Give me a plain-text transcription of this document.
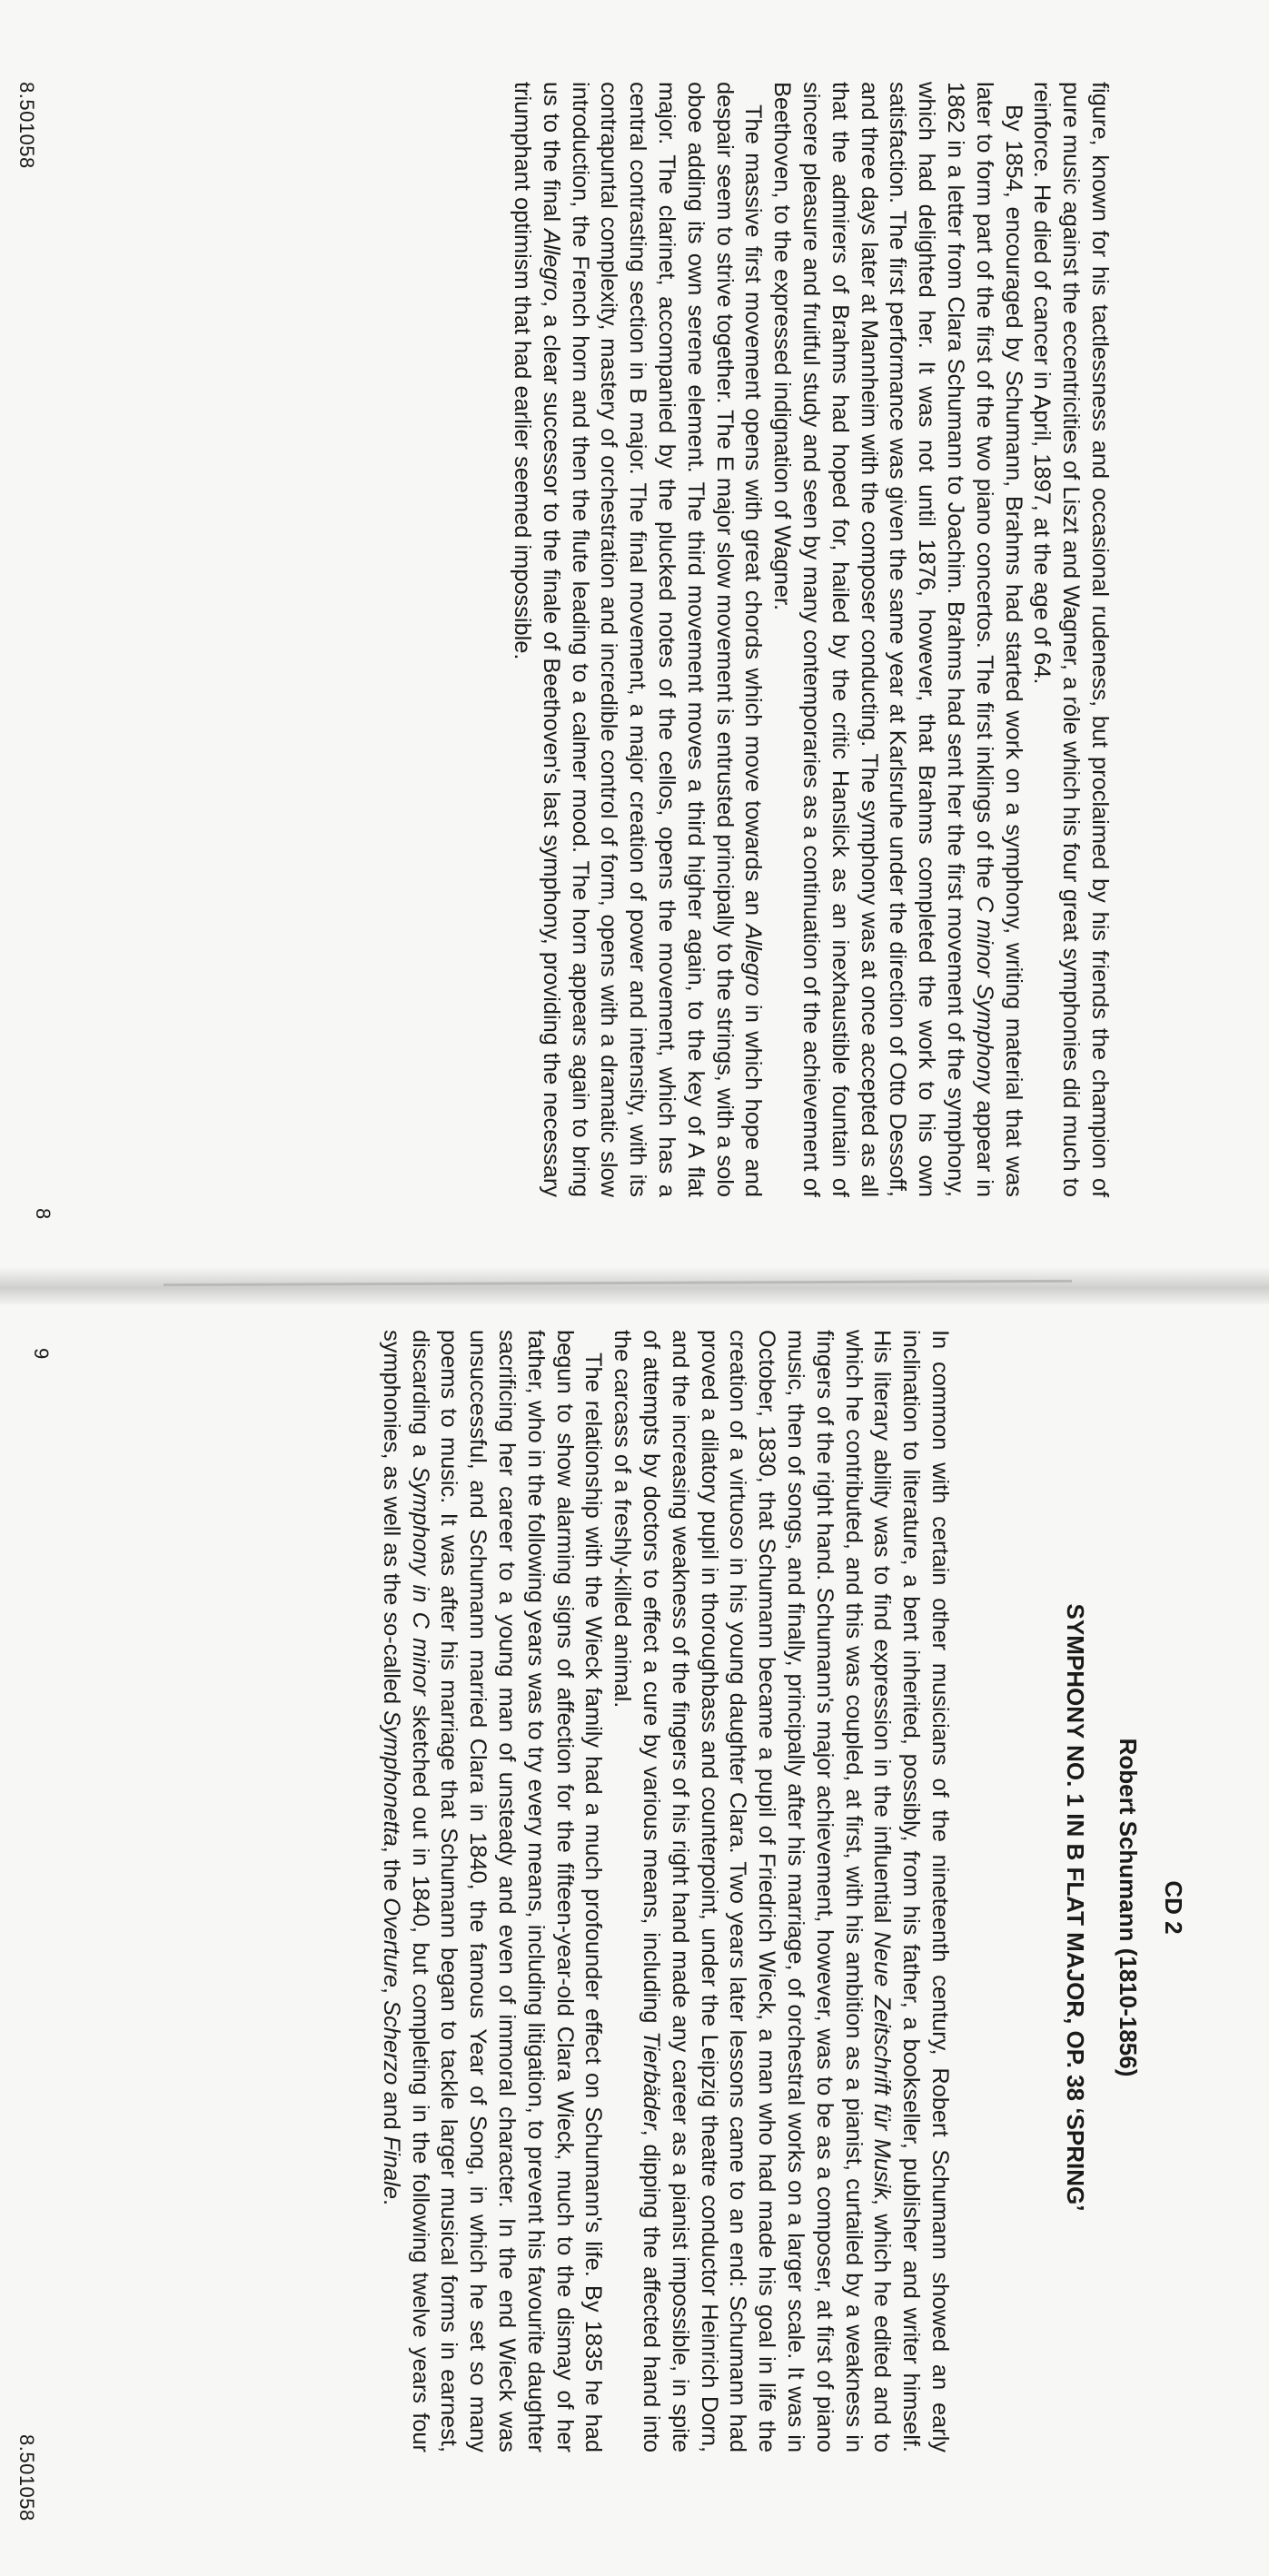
8.501058	figure, known for his tactlessness and occasional rudeness, but proclaimed by his friends the champion of pure music against the eccentricities of Liszt and Wagner, a rôle which his four great symphonies did much to reinforce. He died of cancer in April, 1897, at the age of 64.

By 1854, encouraged by Schumann, Brahms had started work on a symphony, writing material that was later to form part of the first of the two piano concertos. The first inklings of the C minor Symphony appear in 1862 in a letter from Clara Schumann to Joachim. Brahms had sent her the first movement of the symphony, which had delighted her. It was not until 1876, however, that Brahms completed the work to his own satisfaction. The first performance was given the same year at Karlsruhe under the direction of Otto Dessoff, and three days later at Mannheim with the composer conducting. The symphony was at once accepted as all that the admirers of Brahms had hoped for, hailed by the critic Hanslick as an inexhaustible fountain of sincere pleasure and fruitful study and seen by many contemporaries as a continuation of the achievement of Beethoven, to the expressed indignation of Wagner.

The massive first movement opens with great chords which move towards an Allegro in which hope and despair seem to strive together. The E major slow movement is entrusted principally to the strings, with a solo oboe adding its own serene element. The third movement moves a third higher again, to the key of A flat major. The clarinet, accompanied by the plucked notes of the cellos, opens the movement, which has a central contrasting section in B major. The final movement, a major creation of power and intensity, with its contrapuntal complexity, mastery of orchestration and incredible control of form, opens with a dramatic slow introduction, the French horn and then the flute leading to a calmer mood. The horn appears again to bring us to the final Allegro, a clear successor to the finale of Beethoven's last symphony, providing the necessary triumphant optimism that had earlier seemed impossible.

8
9
CD 2
Robert Schumann (1810-1856)
SYMPHONY NO. 1 IN B FLAT MAJOR, OP. 38 ‘SPRING’

In common with certain other musicians of the nineteenth century, Robert Schumann showed an early inclination to literature, a bent inherited, possibly, from his father, a bookseller, publisher and writer himself. His literary ability was to find expression in the influential Neue Zeitschrift für Musik, which he edited and to which he contributed, and this was coupled, at first, with his ambition as a pianist, curtailed by a weakness in fingers of the right hand. Schumann's major achievement, however, was to be as a composer, at first of piano music, then of songs, and finally, principally after his marriage, of orchestral works on a larger scale. It was in October, 1830, that Schumann became a pupil of Friedrich Wieck, a man who had made his goal in life the creation of a virtuoso in his young daughter Clara. Two years later lessons came to an end: Schumann had proved a dilatory pupil in thoroughbass and counterpoint, under the Leipzig theatre conductor Heinrich Dorn, and the increasing weakness of the fingers of his right hand made any career as a pianist impossible, in spite of attempts by doctors to effect a cure by various means, including Tierbäder, dipping the affected hand into the carcass of a freshly-killed animal.

The relationship with the Wieck family had a much profounder effect on Schumann's life. By 1835 he had begun to show alarming signs of affection for the fifteen-year-old Clara Wieck, much to the dismay of her father, who in the following years was to try every means, including litigation, to prevent his favourite daughter sacrificing her career to a young man of unsteady and even of immoral character. In the end Wieck was unsuccessful, and Schumann married Clara in 1840, the famous Year of Song, in which he set so many poems to music. It was after his marriage that Schumann began to tackle larger musical forms in earnest, discarding a Symphony in C minor sketched out in 1840, but completing in the following twelve years four symphonies, as well as the so-called Symphonetta, the Overture, Scherzo and Finale.

8.501058
